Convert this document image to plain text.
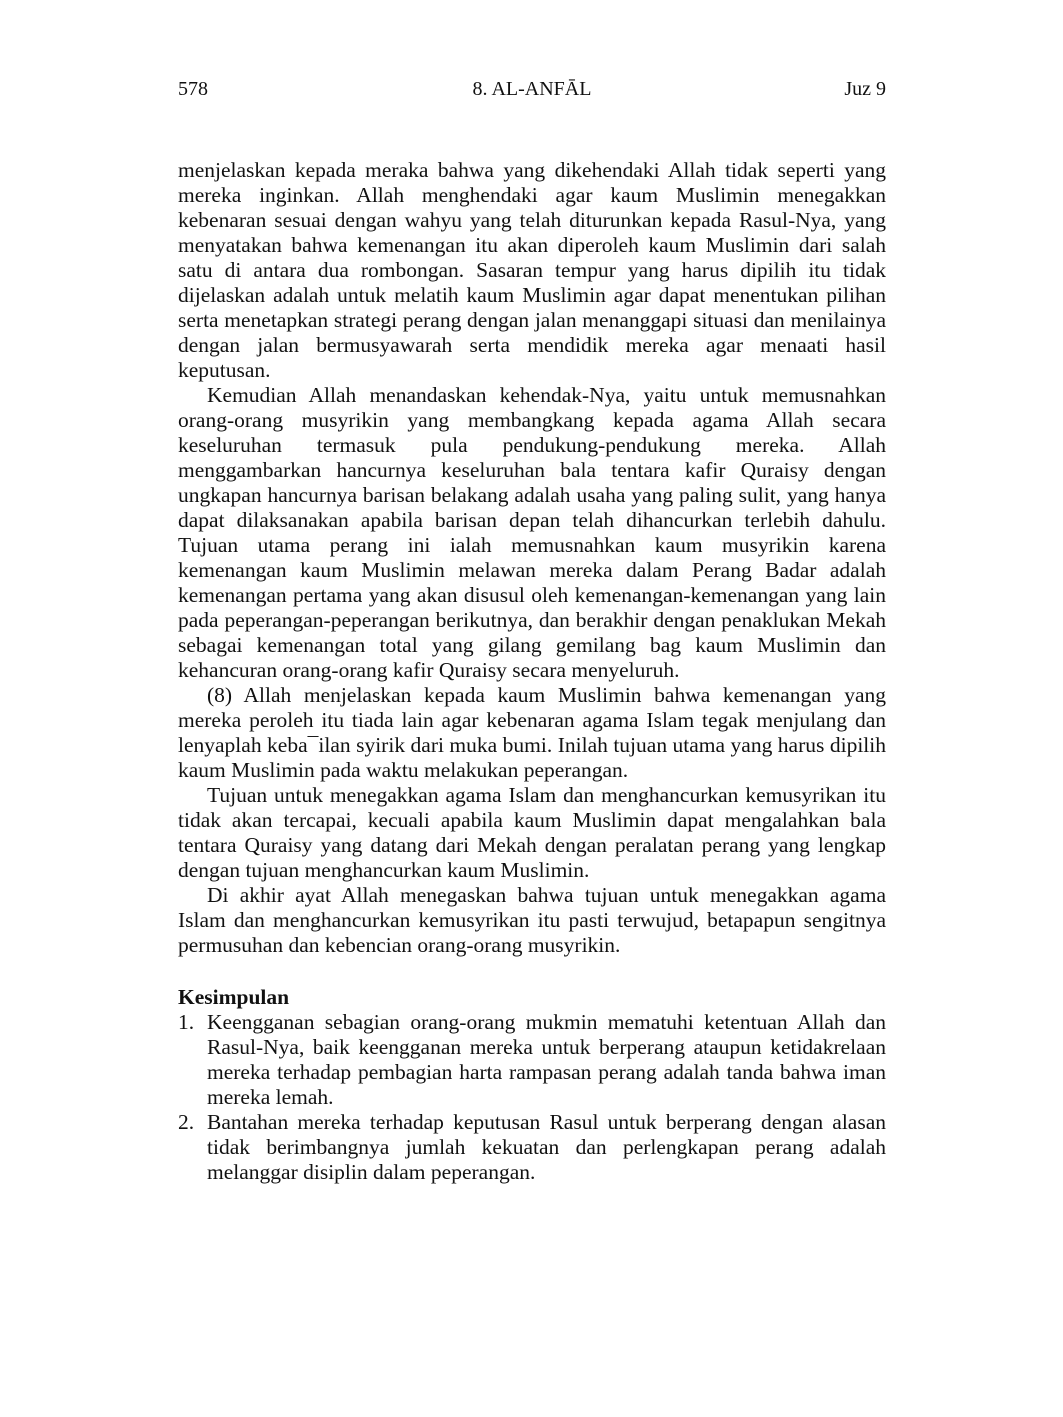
578	8. AL-ANFĀL	Juz 9

menjelaskan kepada meraka bahwa yang dikehendaki Allah tidak seperti yang mereka inginkan. Allah menghendaki agar kaum Muslimin menegakkan kebenaran sesuai dengan wahyu yang telah diturunkan kepada Rasul-Nya, yang menyatakan bahwa kemenangan itu akan diperoleh kaum Muslimin dari salah satu di antara dua rombongan. Sasaran tempur yang harus dipilih itu tidak dijelaskan adalah untuk melatih kaum Muslimin agar dapat menentukan pilihan serta menetapkan strategi perang dengan jalan menanggapi situasi dan menilainya dengan jalan bermusyawarah serta mendidik mereka agar menaati hasil keputusan.

Kemudian Allah menandaskan kehendak-Nya, yaitu untuk memusnahkan orang-orang musyrikin yang membangkang kepada agama Allah secara keseluruhan termasuk pula pendukung-pendukung mereka. Allah menggambarkan hancurnya keseluruhan bala tentara kafir Quraisy dengan ungkapan hancurnya barisan belakang adalah usaha yang paling sulit, yang hanya dapat dilaksanakan apabila barisan depan telah dihancurkan terlebih dahulu. Tujuan utama perang ini ialah memusnahkan kaum musyrikin karena kemenangan kaum Muslimin melawan mereka dalam Perang Badar adalah kemenangan pertama yang akan disusul oleh kemenangan-kemenangan yang lain pada peperangan-peperangan berikutnya, dan berakhir dengan penaklukan Mekah sebagai kemenangan total yang gilang gemilang bag kaum Muslimin dan kehancuran orang-orang kafir Quraisy secara menyeluruh.

(8) Allah menjelaskan kepada kaum Muslimin bahwa kemenangan yang mereka peroleh itu tiada lain agar kebenaran agama Islam tegak menjulang dan lenyaplah keba¯ilan syirik dari muka bumi. Inilah tujuan utama yang harus dipilih kaum Muslimin pada waktu melakukan peperangan.

Tujuan untuk menegakkan agama Islam dan menghancurkan kemusyrikan itu tidak akan tercapai, kecuali apabila kaum Muslimin dapat mengalahkan bala tentara Quraisy yang datang dari Mekah dengan peralatan perang yang lengkap dengan tujuan menghancurkan kaum Muslimin.

Di akhir ayat Allah menegaskan bahwa tujuan untuk menegakkan agama Islam dan menghancurkan kemusyrikan itu pasti terwujud, betapapun sengitnya permusuhan dan kebencian orang-orang musyrikin.

Kesimpulan
1. Keengganan sebagian orang-orang mukmin mematuhi ketentuan Allah dan Rasul-Nya, baik keengganan mereka untuk berperang ataupun ketidakrelaan mereka terhadap pembagian harta rampasan perang adalah tanda bahwa iman mereka lemah.
2. Bantahan mereka terhadap keputusan Rasul untuk berperang dengan alasan tidak berimbangnya jumlah kekuatan dan perlengkapan perang adalah melanggar disiplin dalam peperangan.
